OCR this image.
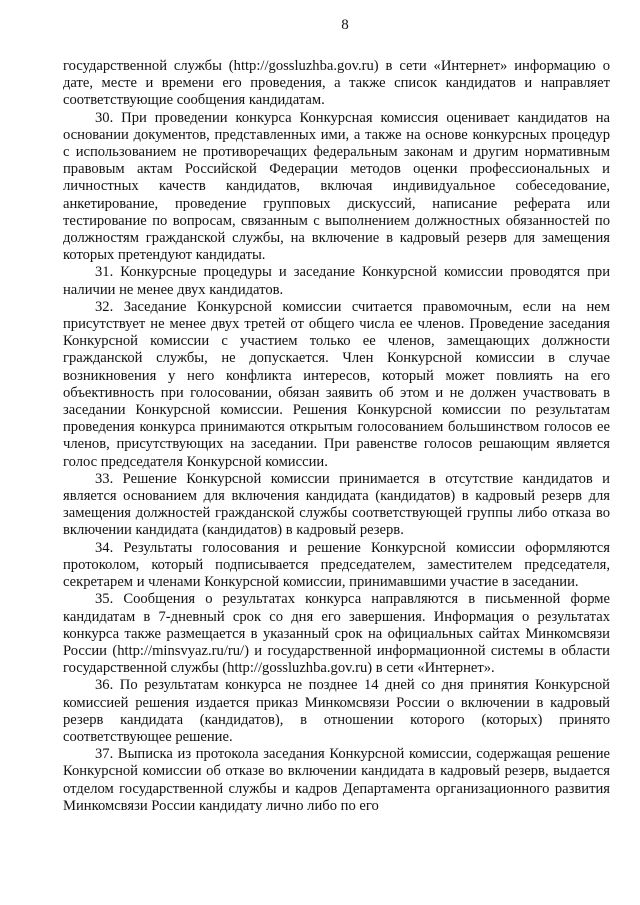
8

государственной службы (http://gossluzhba.gov.ru) в сети «Интернет» информацию о дате, месте и времени его проведения, а также список кандидатов и направляет соответствующие сообщения кандидатам.

30. При проведении конкурса Конкурсная комиссия оценивает кандидатов на основании документов, представленных ими, а также на основе конкурсных процедур с использованием не противоречащих федеральным законам и другим нормативным правовым актам Российской Федерации методов оценки профессиональных и личностных качеств кандидатов, включая индивидуальное собеседование, анкетирование, проведение групповых дискуссий, написание реферата или тестирование по вопросам, связанным с выполнением должностных обязанностей по должностям гражданской службы, на включение в кадровый резерв для замещения которых претендуют кандидаты.

31. Конкурсные процедуры и заседание Конкурсной комиссии проводятся при наличии не менее двух кандидатов.

32. Заседание Конкурсной комиссии считается правомочным, если на нем присутствует не менее двух третей от общего числа ее членов. Проведение заседания Конкурсной комиссии с участием только ее членов, замещающих должности гражданской службы, не допускается. Член Конкурсной комиссии в случае возникновения у него конфликта интересов, который может повлиять на его объективность при голосовании, обязан заявить об этом и не должен участвовать в заседании Конкурсной комиссии. Решения Конкурсной комиссии по результатам проведения конкурса принимаются открытым голосованием большинством голосов ее членов, присутствующих на заседании. При равенстве голосов решающим является голос председателя Конкурсной комиссии.

33. Решение Конкурсной комиссии принимается в отсутствие кандидатов и является основанием для включения кандидата (кандидатов) в кадровый резерв для замещения должностей гражданской службы соответствующей группы либо отказа во включении кандидата (кандидатов) в кадровый резерв.

34. Результаты голосования и решение Конкурсной комиссии оформляются протоколом, который подписывается председателем, заместителем председателя, секретарем и членами Конкурсной комиссии, принимавшими участие в заседании.

35. Сообщения о результатах конкурса направляются в письменной форме кандидатам в 7-дневный срок со дня его завершения. Информация о результатах конкурса также размещается в указанный срок на официальных сайтах Минкомсвязи России (http://minsvyaz.ru/ru/) и государственной информационной системы в области государственной службы (http://gossluzhba.gov.ru) в сети «Интернет».

36. По результатам конкурса не позднее 14 дней со дня принятия Конкурсной комиссией решения издается приказ Минкомсвязи России о включении в кадровый резерв кандидата (кандидатов), в отношении которого (которых) принято соответствующее решение.

37. Выписка из протокола заседания Конкурсной комиссии, содержащая решение Конкурсной комиссии об отказе во включении кандидата в кадровый резерв, выдается отделом государственной службы и кадров Департамента организационного развития Минкомсвязи России кандидату лично либо по его
